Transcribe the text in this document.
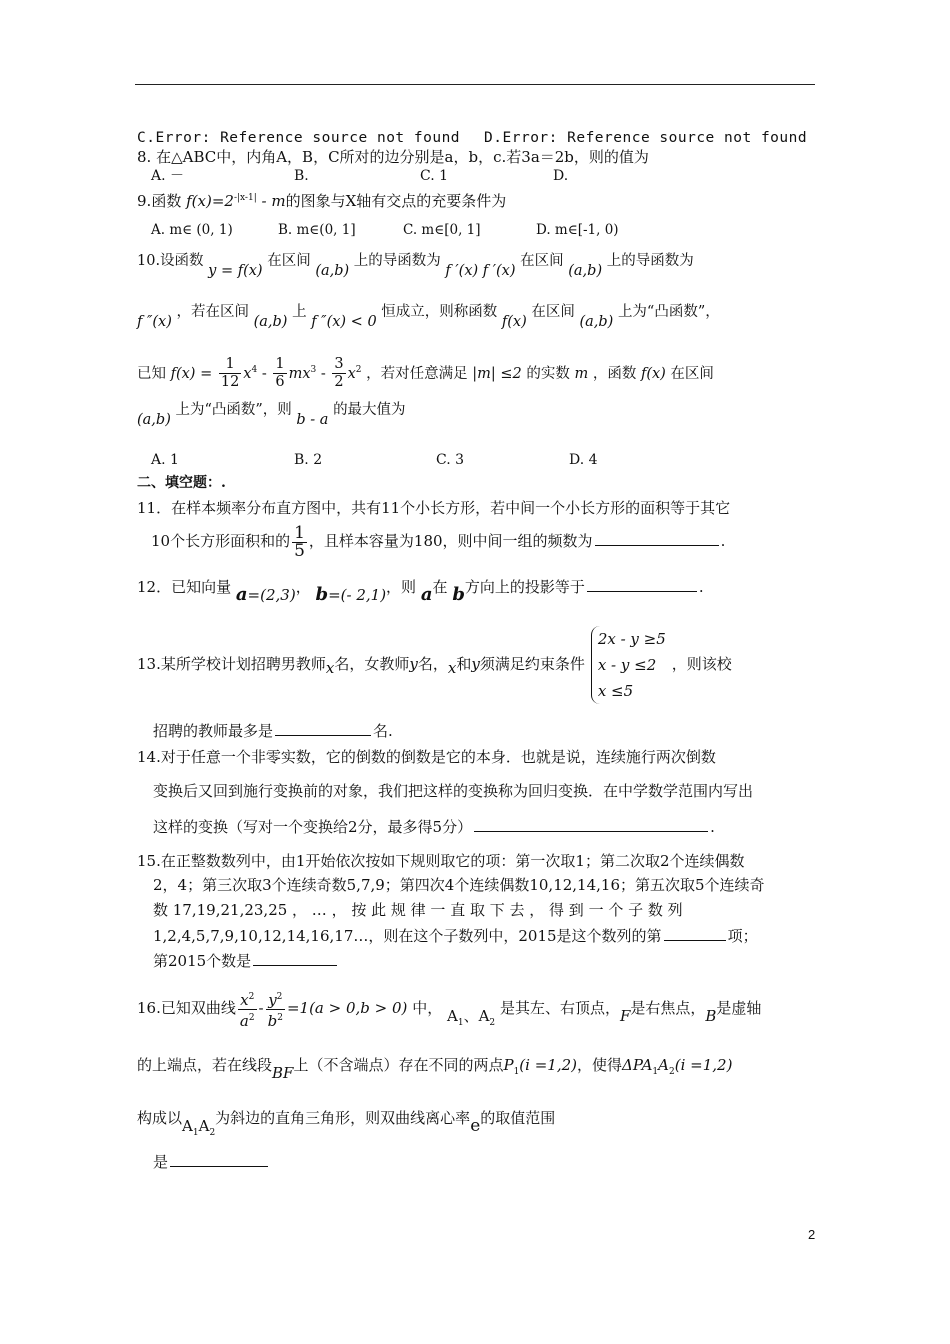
C.Error: Reference source not found D.Error: Reference source not found
8. 在△ABC中，内角A，B，C所对的边分别是a，b，c.若3a＝2b，则的值为
A. －	B.	C. 1	D.
9.函数 $f(x)=2^{-|x-1|} - m$的图象与X轴有交点的充要条件为
A. m∈ (0, 1)	B. m∈(0, 1]	C. m∈[0, 1]	D. m∈[-1, 0)
10.设函数 y = f(x) 在区间 (a,b) 上的导函数为 f ′(x) f ′(x) 在区间 (a,b) 上的导函数为
f ″(x) ，若在区间 (a,b) 上 f ″(x) < 0 恒成立，则称函数 f(x) 在区间 (a,b) 上为“凸函数”，
已知 $f(x) = \frac{1}{12} x^4 - \frac{1}{6} mx^3 - \frac{3}{2} x^2$ ，若对任意满足 |m| ≤2 的实数 m ，函数 f(x) 在区间
(a,b) 上为“凸函数”，则 b - a 的最大值为
A. 1	B. 2	C. 3	D. 4
二、填空题：.
11．在样本频率分布直方图中，共有11个小长方形，若中间一个小长方形的面积等于其它
10个长方形面积和的 $\frac{1}{5}$ ，且样本容量为180，则中间一组的频数为	.
12．已知向量 a=(2,3)， b=(- 2,1)，则 a在 b方向上的投影等于	.
13.某所学校计划招聘男教师x名，女教师y名，x和y须满足约束条件
2x - y ≥5
x - y ≤2
x ≤5
，则该校
招聘的教师最多是	名.
14.对于任意一个非零实数，它的倒数的倒数是它的本身．也就是说，连续施行两次倒数
变换后又回到施行变换前的对象，我们把这样的变换称为回归变换．在中学数学范围内写出
这样的变换（写对一个变换给2分，最多得5分）	.
15.在正整数数列中，由1开始依次按如下规则取它的项：第一次取1；第二次取2个连续偶数
2，4；第三次取3个连续奇数5,7,9；第四次4个连续偶数10,12,14,16；第五次取5个连续奇
数 17,19,21,23,25 ， … ， 按 此 规 律 一 直 取 下 去 ， 得 到 一 个 子 数 列
1,2,4,5,7,9,10,12,14,16,17…，则在这个子数列中，2015是这个数列的第	项；
第2015个数是
16.已知双曲线 $\frac{x^2}{a^2} - \frac{y^2}{b^2} =1(a > 0,b > 0)$ 中， $A_1$、$A_2$ 是其左、右顶点，F是右焦点，B是虚轴
的上端点，若在线段BF上（不含端点）存在不同的两点$P_1(i =1,2)$，使得$\Delta PA_1A_2(i =1,2)$
构成以$A_1A_2$为斜边的直角三角形，则双曲线离心率e的取值范围
是
2
